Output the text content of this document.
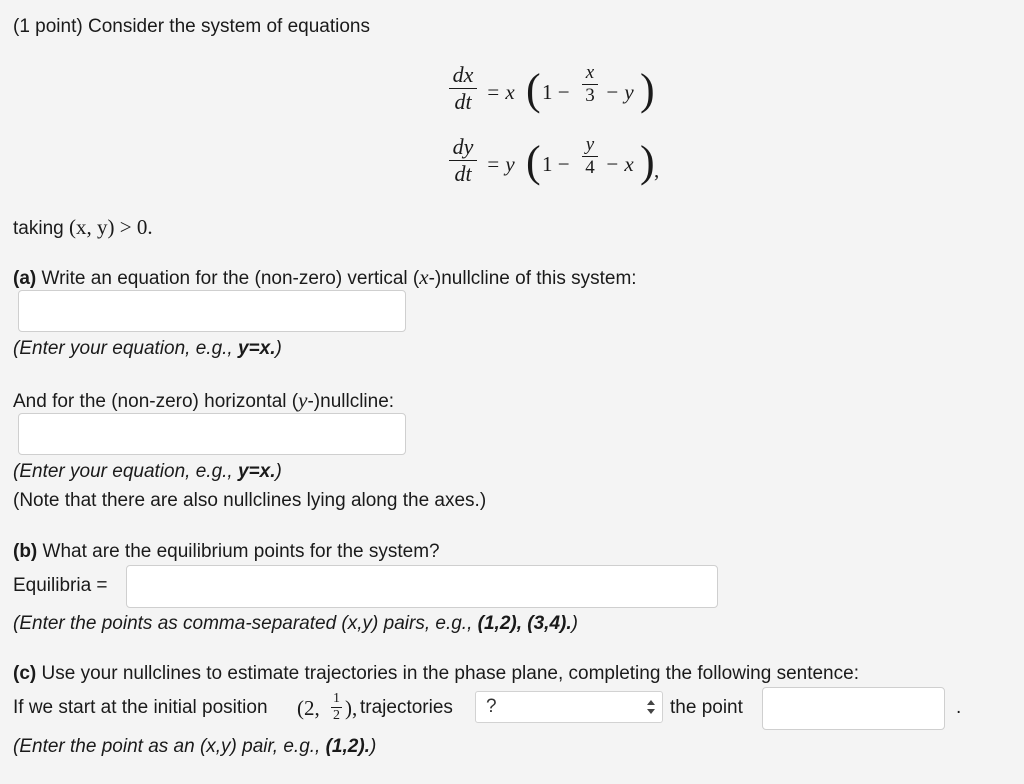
(1 point) Consider the system of equations
dx
dt = x ( 1 −
x
3 − y )
dy
dt = y ( 1 −
y
4 − x ) ,
taking (x, y) > 0.
(a) Write an equation for the (non-zero) vertical (x-)nullcline of this system:
(Enter your equation, e.g., y=x.)
And for the (non-zero) horizontal (y-)nullcline:
(Enter your equation, e.g., y=x.)
(Note that there are also nullclines lying along the axes.)
(b) What are the equilibrium points for the system?
Equilibria =
(Enter the points as comma-separated (x,y) pairs, e.g., (1,2), (3,4).)
(c) Use your nullclines to estimate trajectories in the phase plane, completing the following sentence:
If we start at the initial position (2, 1
2 ), trajectories ?	the point	.
(Enter the point as an (x,y) pair, e.g., (1,2).)
